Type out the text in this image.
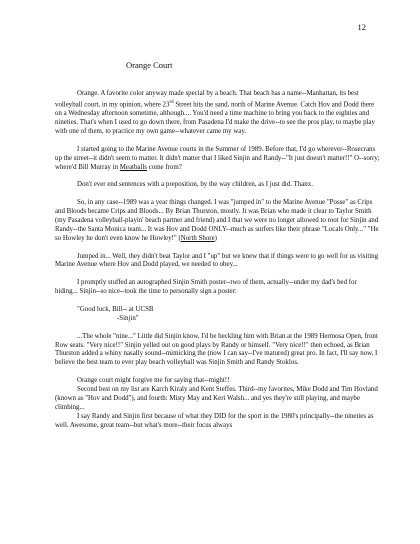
12
Orange Court

Orange. A favorite color anyway made special by a beach. That beach has a name--Manhattan, its best volleyball court, in my opinion, where 23rd Street hits the sand, north of Marine Avenue. Catch Hov and Dodd there on a Wednesday afternoon sometime, although.... You'd need a time machine to bring you back to the eighties and nineties. That's when I used to go down there, from Pasadena I'd make the drive--to see the pros play, to maybe play with one of them, to practice my own game--whatever came my way.

I started going to the Marine Avenue courts in the Summer of 1989. Before that, I'd go wherever--Rosecrans up the street--it didn't seem to matter. It didn't matter that I liked Sinjin and Randy--"It just doesn't matter!!" O--sorry; where'd Bill Murray in Meatballs come from?

Don't ever end sentences with a preposition, by the way children, as I just did. Thanx.

So, in any case--1989 was a year things changed. I was "jumped in" to the Marine Avenue "Posse" as Crips and Bloods became Crips and Bloods... By Brian Thurston, mostly. It was Brian who made it clear to Taylor Smith (my Pasadena volleyball-playin' beach partner and friend) and I that we were no longer allowed to root for Sinjin and Randy--the Santa Monica team... It was Hov and Dodd ONLY--much as surfers like their phrase "Locals Only..." "He so Howley he don't even know he Howley!" (North Shore)

Jumped in... Well, they didn't beat Taylor and I "up" but we knew that if things were to go well for us visiting Marine Avenue where Hov and Dodd played, we needed to obey...

I promptly stuffed an autographed Sinjin Smith poster--two of them, actually--under my dad's bed for hiding... Sinjin--so nice--took the time to personally sign a poster:

"Good luck, Bill-- at UCSB
-Sinjin"

...The whole "nine..." Little did Sinjin know, I'd be heckling him with Brian at the 1989 Hermosa Open, front Row seats. "Very nice!!" Sinjin yelled out on good plays by Randy or himself. "Very nice!!" then echoed, as Brian Thurston added a whiny nasally sound--mimicking the (now I can say--I've matured) great pro. In fact, I'll say now, I believe the best team to ever play beach volleyball was Sinjin Smith and Randy Stoklos.

Orange court might forgive me for saying that--might!!

Second best on my list are Karch Kiraly and Kent Steffes. Third--my favorites, Mike Dodd and Tim Hovland (known as "Hov and Dodd"), and fourth: Misty May and Keri Walsh... and yes they're still playing, and maybe climbing...

I say Randy and Sinjin first because of what they DID for the sport in the 1980's principally--the nineties as well. Awesome, great team--but what's more--their focus always
